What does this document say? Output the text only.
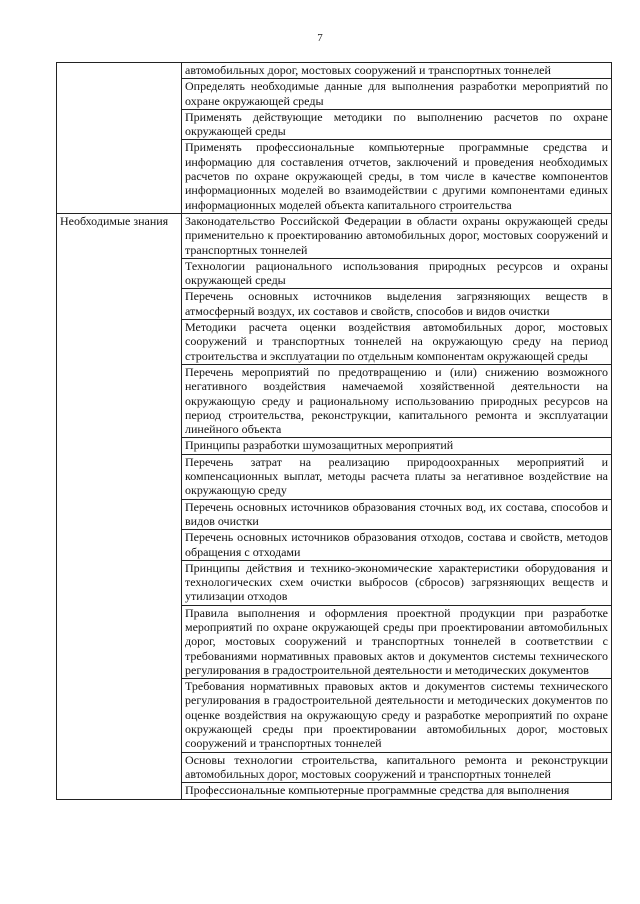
7
	автомобильных дорог, мостовых сооружений и транспортных тоннелей
	Определять необходимые данные для выполнения разработки мероприятий по охране окружающей среды
	Применять действующие методики по выполнению расчетов по охране окружающей среды
	Применять профессиональные компьютерные программные средства и информацию для составления отчетов, заключений и проведения необходимых расчетов по охране окружающей среды, в том числе в качестве компонентов информационных моделей во взаимодействии с другими компонентами единых информационных моделей объекта капитального строительства
Необходимые знания	Законодательство Российской Федерации в области охраны окружающей среды применительно к проектированию автомобильных дорог, мостовых сооружений и транспортных тоннелей
	Технологии рационального использования природных ресурсов и охраны окружающей среды
	Перечень основных источников выделения загрязняющих веществ в атмосферный воздух, их составов и свойств, способов и видов очистки
	Методики расчета оценки воздействия автомобильных дорог, мостовых сооружений и транспортных тоннелей на окружающую среду на период строительства и эксплуатации по отдельным компонентам окружающей среды
	Перечень мероприятий по предотвращению и (или) снижению возможного негативного воздействия намечаемой хозяйственной деятельности на окружающую среду и рациональному использованию природных ресурсов на период строительства, реконструкции, капитального ремонта и эксплуатации линейного объекта
	Принципы разработки шумозащитных мероприятий
	Перечень затрат на реализацию природоохранных мероприятий и компенсационных выплат, методы расчета платы за негативное воздействие на окружающую среду
	Перечень основных источников образования сточных вод, их состава, способов и видов очистки
	Перечень основных источников образования отходов, состава и свойств, методов обращения с отходами
	Принципы действия и технико-экономические характеристики оборудования и технологических схем очистки выбросов (сбросов) загрязняющих веществ и утилизации отходов
	Правила выполнения и оформления проектной продукции при разработке мероприятий по охране окружающей среды при проектировании автомобильных дорог, мостовых сооружений и транспортных тоннелей в соответствии с требованиями нормативных правовых актов и документов системы технического регулирования в градостроительной деятельности и методических документов
	Требования нормативных правовых актов и документов системы технического регулирования в градостроительной деятельности и методических документов по оценке воздействия на окружающую среду и разработке мероприятий по охране окружающей среды при проектировании автомобильных дорог, мостовых сооружений и транспортных тоннелей
	Основы технологии строительства, капитального ремонта и реконструкции автомобильных дорог, мостовых сооружений и транспортных тоннелей
	Профессиональные компьютерные программные средства для выполнения
